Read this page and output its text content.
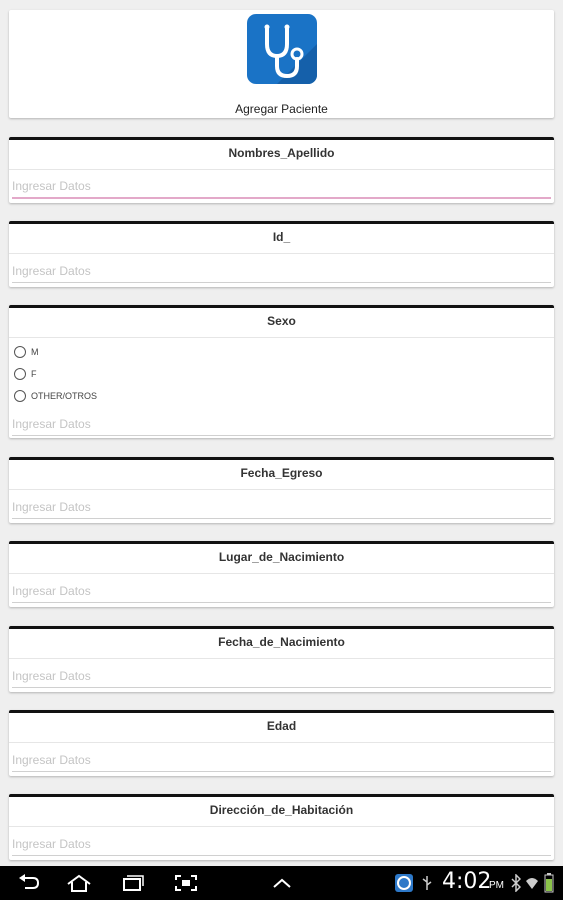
Agregar Paciente
Nombres_Apellido
Ingresar Datos
Id_
Ingresar Datos
Sexo
M
F
OTHER/OTROS
Ingresar Datos
Fecha_Egreso
Ingresar Datos
Lugar_de_Nacimiento
Ingresar Datos
Fecha_de_Nacimiento
Ingresar Datos
Edad
Ingresar Datos
Dirección_de_Habitación
Ingresar Datos
4:02
PM
